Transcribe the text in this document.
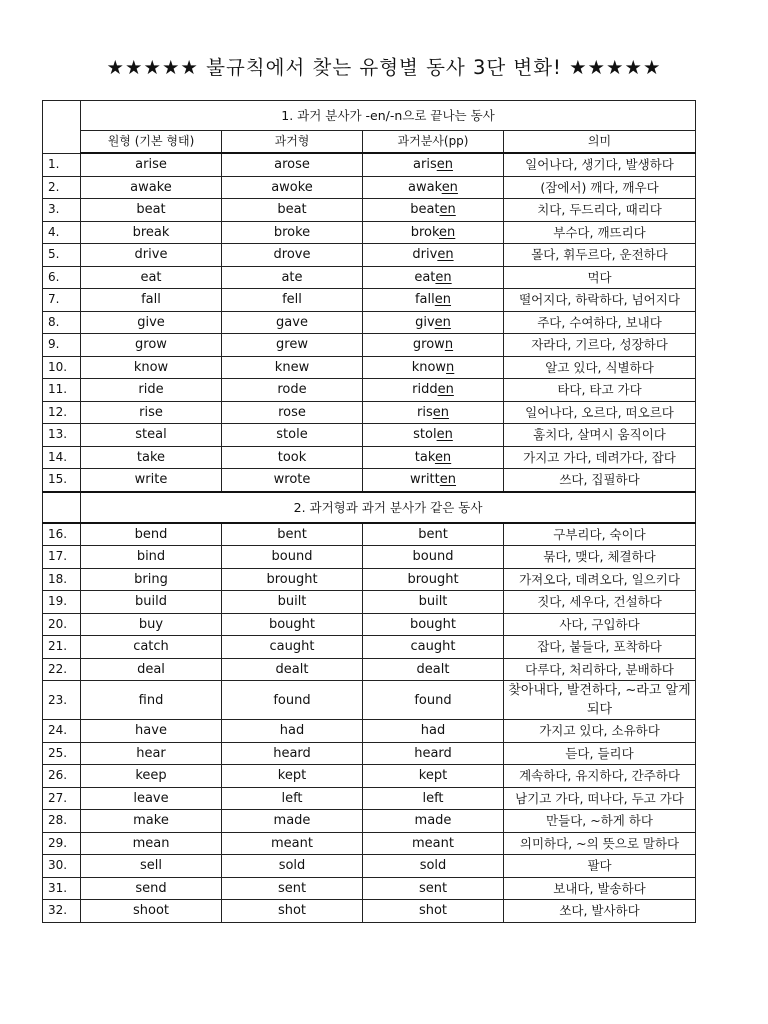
★★★★★ 불규칙에서 찾는 유형별 동사 3단 변화! ★★★★★
	1. 과거 분사가 -en/-n으로 끝나는 동사			
	원형 (기본 형태)	과거형	과거분사(pp)	의미
1.	arise	arose	arisen	일어나다, 생기다, 발생하다
2.	awake	awoke	awaken	(잠에서) 깨다, 깨우다
3.	beat	beat	beaten	치다, 두드리다, 때리다
4.	break	broke	broken	부수다, 깨뜨리다
5.	drive	drove	driven	몰다, 휘두르다, 운전하다
6.	eat	ate	eaten	먹다
7.	fall	fell	fallen	떨어지다, 하락하다, 넘어지다
8.	give	gave	given	주다, 수여하다, 보내다
9.	grow	grew	grown	자라다, 기르다, 성장하다
10.	know	knew	known	알고 있다, 식별하다
11.	ride	rode	ridden	타다, 타고 가다
12.	rise	rose	risen	일어나다, 오르다, 떠오르다
13.	steal	stole	stolen	훔치다, 살며시 움직이다
14.	take	took	taken	가지고 가다, 데려가다, 잡다
15.	write	wrote	written	쓰다, 집필하다
	2. 과거형과 과거 분사가 같은 동사			
16.	bend	bent	bent	구부리다, 숙이다
17.	bind	bound	bound	묶다, 맺다, 체결하다
18.	bring	brought	brought	가져오다, 데려오다, 일으키다
19.	build	built	built	짓다, 세우다, 건설하다
20.	buy	bought	bought	사다, 구입하다
21.	catch	caught	caught	잡다, 붙들다, 포착하다
22.	deal	dealt	dealt	다루다, 처리하다, 분배하다
23.	find	found	found	찾아내다, 발견하다, ~라고 알게 되다
24.	have	had	had	가지고 있다, 소유하다
25.	hear	heard	heard	듣다, 들리다
26.	keep	kept	kept	계속하다, 유지하다, 간주하다
27.	leave	left	left	남기고 가다, 떠나다, 두고 가다
28.	make	made	made	만들다, ~하게 하다
29.	mean	meant	meant	의미하다, ~의 뜻으로 말하다
30.	sell	sold	sold	팔다
31.	send	sent	sent	보내다, 발송하다
32.	shoot	shot	shot	쏘다, 발사하다
